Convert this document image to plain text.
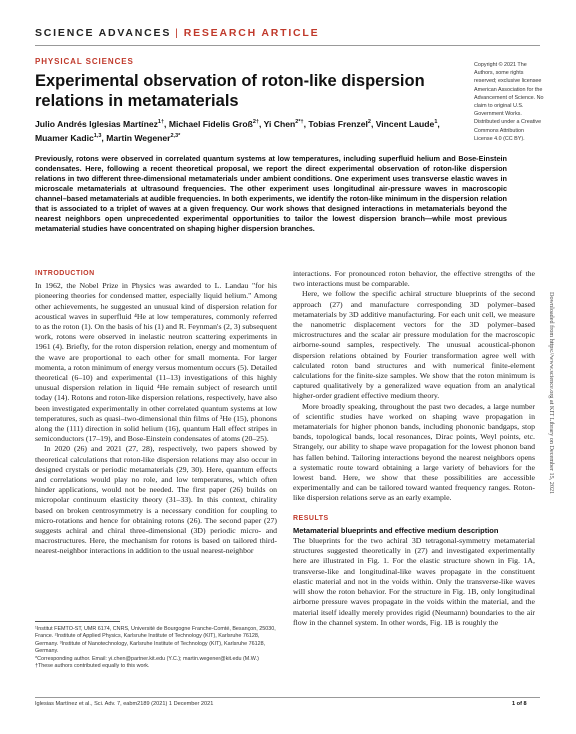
SCIENCE ADVANCES | RESEARCH ARTICLE
PHYSICAL SCIENCES
Experimental observation of roton-like dispersion relations in metamaterials

Julio Andrés Iglesias Martínez$^{1\dagger}$, Michael Fidelis Groß$^{2\dagger}$, Yi Chen$^{2*\dagger}$, Tobias Frenzel$^2$, Vincent Laude$^1$, Muamer Kadic$^{1,3}$, Martin Wegener$^{2,3*}$

Copyright © 2021 The Authors, some rights reserved; exclusive licensee American Association for the Advancement of Science. No claim to original U.S. Government Works. Distributed under a Creative Commons Attribution License 4.0 (CC BY).

Previously, rotons were observed in correlated quantum systems at low temperatures, including superfluid helium and Bose-Einstein condensates. Here, following a recent theoretical proposal, we report the direct experimental observation of roton-like dispersion relations in two different three-dimensional metamaterials under ambient conditions. One experiment uses transverse elastic waves in microscale metamaterials at ultrasound frequencies. The other experiment uses longitudinal air-pressure waves in macroscopic channel–based metamaterials at audible frequencies. In both experiments, we identify the roton-like minimum in the dispersion relation that is associated to a triplet of waves at a given frequency. Our work shows that designed interactions in metamaterials beyond the nearest neighbors open unprecedented experimental opportunities to tailor the lowest dispersion branch—while most previous metamaterial studies have concentrated on shaping higher dispersion branches.

INTRODUCTION

In 1962, the Nobel Prize in Physics was awarded to L. Landau "for his pioneering theories for condensed matter, especially liquid helium." Among other achievements, he suggested an unusual kind of dispersion relation for acoustical waves in superfluid ⁴He at low temperatures, commonly referred to as the roton (1). On the basis of his (1) and R. Feynman's (2, 3) subsequent work, rotons were observed in inelastic neutron scattering experiments in 1961 (4). Briefly, for the roton dispersion relation, energy and momentum of the wave are proportional to each other for small momenta. For larger momenta, a roton minimum of energy versus momentum occurs (5). Detailed theoretical (6–10) and experimental (11–13) investigations of this highly unusual dispersion relation in liquid ⁴He remain subject of research until today (14). Rotons and roton-like dispersion relations, respectively, have also been investigated experimentally in other correlated quantum systems at low temperatures, such as quasi–two-dimensional thin films of ³He (15), phonons along the (111) direction in solid helium (16), quantum Hall effect stripes in semiconductors (17–19), and Bose-Einstein condensates of atoms (20–25).

In 2020 (26) and 2021 (27, 28), respectively, two papers showed by theoretical calculations that roton-like dispersion relations may also occur in designed crystals or periodic metamaterials (29, 30). Here, quantum effects and correlations would play no role, and low temperatures, which often hinder applications, would not be needed. The first paper (26) builds on micropolar continuum elasticity theory (31–33). In this context, chirality based on broken centrosymmetry is a necessary condition for coupling to micro-rotations and hence for obtaining rotons (26). The second paper (27) suggests achiral and chiral three-dimensional (3D) periodic micro- and macrostructures. Here, the mechanism for rotons is based on tailored third-nearest-neighbor interactions in addition to the usual nearest-neighbor

interactions. For pronounced roton behavior, the effective strengths of the two interactions must be comparable.

Here, we follow the specific achiral structure blueprints of the second approach (27) and manufacture corresponding 3D polymer–based metamaterials by 3D additive manufacturing. For each unit cell, we measure the nanometric displacement vectors for the 3D polymer–based microstructures and the scalar air pressure modulation for the macroscopic airborne-sound samples, respectively. The unusual acoustical-phonon dispersion relations obtained by Fourier transformation agree well with calculated roton band structures and with numerical finite-element calculations for the finite-size samples. We show that the roton minimum is captured qualitatively by a generalized wave equation from an analytical higher-order gradient effective medium theory.

More broadly speaking, throughout the past two decades, a large number of scientific studies have worked on shaping wave propagation in metamaterials for higher phonon bands, including phononic bandgaps, stop bands, topological bands, local resonances, Dirac points, Weyl points, etc. Strangely, our ability to shape wave propagation for the lowest phonon band has fallen behind. Tailoring interactions beyond the nearest neighbors opens a systematic route toward obtaining a large variety of behaviors for the lowest band. Here, we show that these possibilities are accessible experimentally and can be tailored toward wanted frequency ranges. Roton-like dispersion relations serve as an early example.

RESULTS
Metamaterial blueprints and effective medium description

The blueprints for the two achiral 3D tetragonal-symmetry metamaterial structures suggested theoretically in (27) and investigated experimentally here are illustrated in Fig. 1. For the elastic structure shown in Fig. 1A, transverse-like and longitudinal-like waves propagate in the constituent elastic material and not in the voids within. Only the transverse-like waves will show the roton behavior. For the structure in Fig. 1B, only longitudinal airborne pressure waves propagate in the voids within the material, and the material itself ideally merely provides rigid (Neumann) boundaries to the air flow in the channel system. In other words, Fig. 1B is roughly the

¹Institut FEMTO-ST, UMR 6174, CNRS, Université de Bourgogne Franche-Comté, Besançon, 25030, France. ²Institute of Applied Physics, Karlsruhe Institute of Technology (KIT), Karlsruhe 76128, Germany. ³Institute of Nanotechnology, Karlsruhe Institute of Technology (KIT), Karlsruhe 76128, Germany.

*Corresponding author. Email: yi.chen@partner.kit.edu (Y.C.); martin.wegener@kit.edu (M.W.)

†These authors contributed equally to this work.

Iglesias Martínez et al., Sci. Adv. 7, eabm2189 (2021) 1 December 2021	1 of 8
Downloaded from https://www.science.org at KIT Library on December 15, 2021
